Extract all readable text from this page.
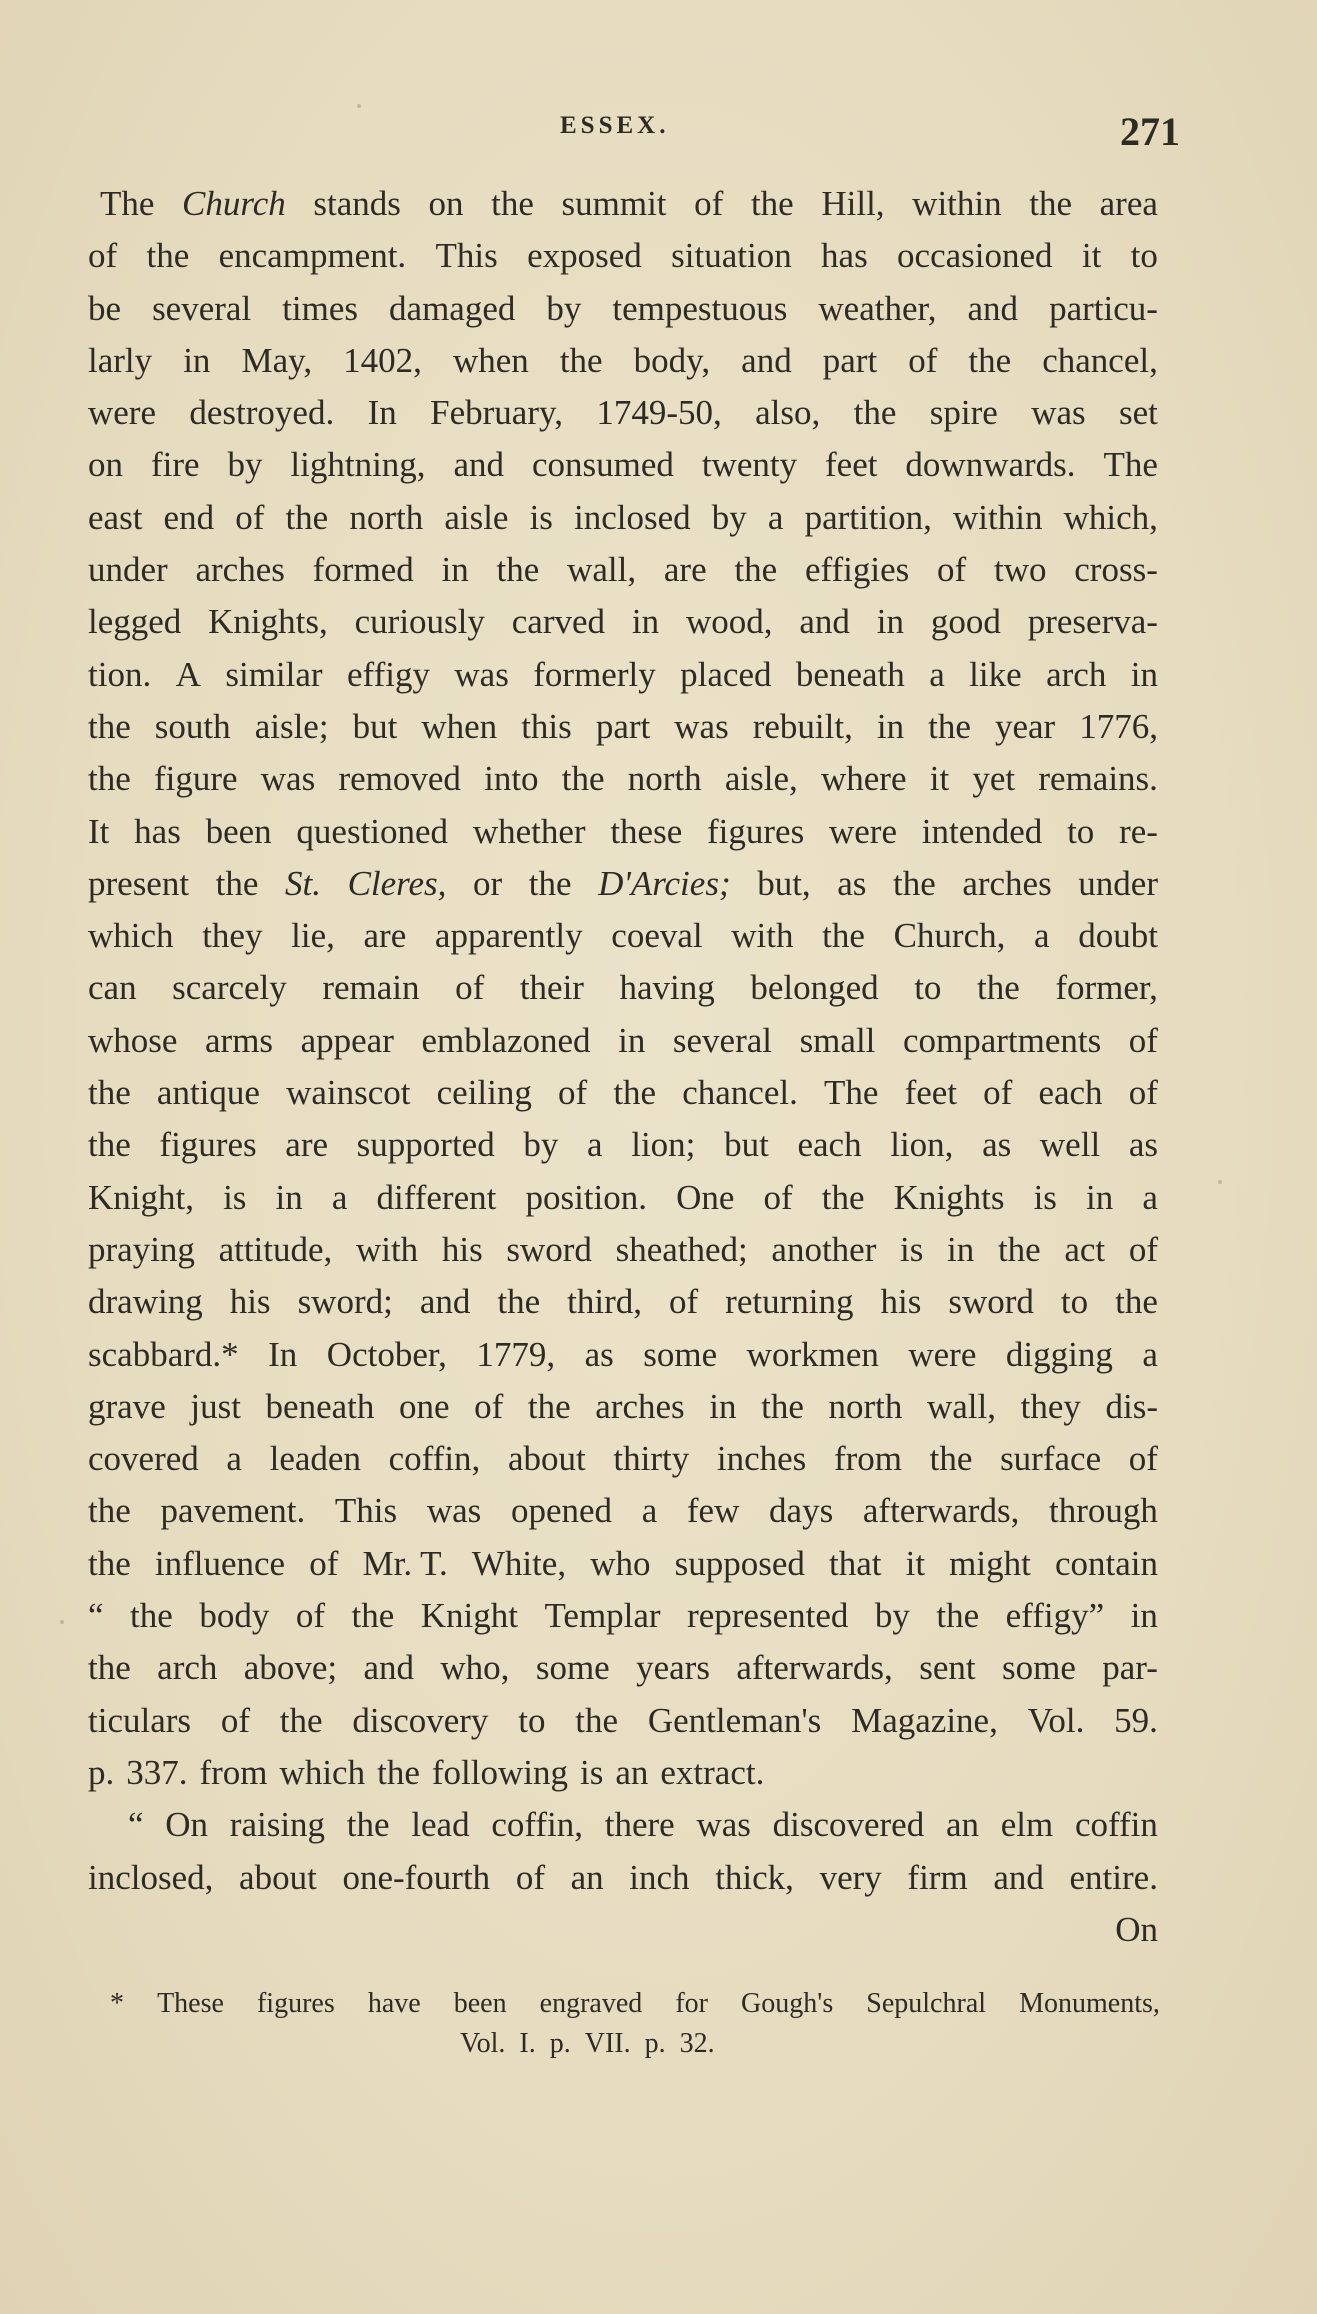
ESSEX.	271
The Church stands on the summit of the Hill, within the area
of the encampment. This exposed situation has occasioned it to
be several times damaged by tempestuous weather, and particu-
larly in May, 1402, when the body, and part of the chancel,
were destroyed. In February, 1749-50, also, the spire was set
on fire by lightning, and consumed twenty feet downwards. The
east end of the north aisle is inclosed by a partition, within which,
under arches formed in the wall, are the effigies of two cross-
legged Knights, curiously carved in wood, and in good preserva-
tion. A similar effigy was formerly placed beneath a like arch in
the south aisle; but when this part was rebuilt, in the year 1776,
the figure was removed into the north aisle, where it yet remains.
It has been questioned whether these figures were intended to re-
present the St. Cleres, or the D'Arcies; but, as the arches under
which they lie, are apparently coeval with the Church, a doubt
can scarcely remain of their having belonged to the former,
whose arms appear emblazoned in several small compartments of
the antique wainscot ceiling of the chancel. The feet of each of
the figures are supported by a lion; but each lion, as well as
Knight, is in a different position. One of the Knights is in a
praying attitude, with his sword sheathed; another is in the act of
drawing his sword; and the third, of returning his sword to the
scabbard.* In October, 1779, as some workmen were digging a
grave just beneath one of the arches in the north wall, they dis-
covered a leaden coffin, about thirty inches from the surface of
the pavement. This was opened a few days afterwards, through
the influence of Mr. T. White, who supposed that it might contain
“ the body of the Knight Templar represented by the effigy” in
the arch above; and who, some years afterwards, sent some par-
ticulars of the discovery to the Gentleman's Magazine, Vol. 59.
p. 337. from which the following is an extract.
“ On raising the lead coffin, there was discovered an elm coffin
inclosed, about one-fourth of an inch thick, very firm and entire.
On
* These figures have been engraved for Gough's Sepulchral Monuments,
Vol. I. p. VII. p. 32.
